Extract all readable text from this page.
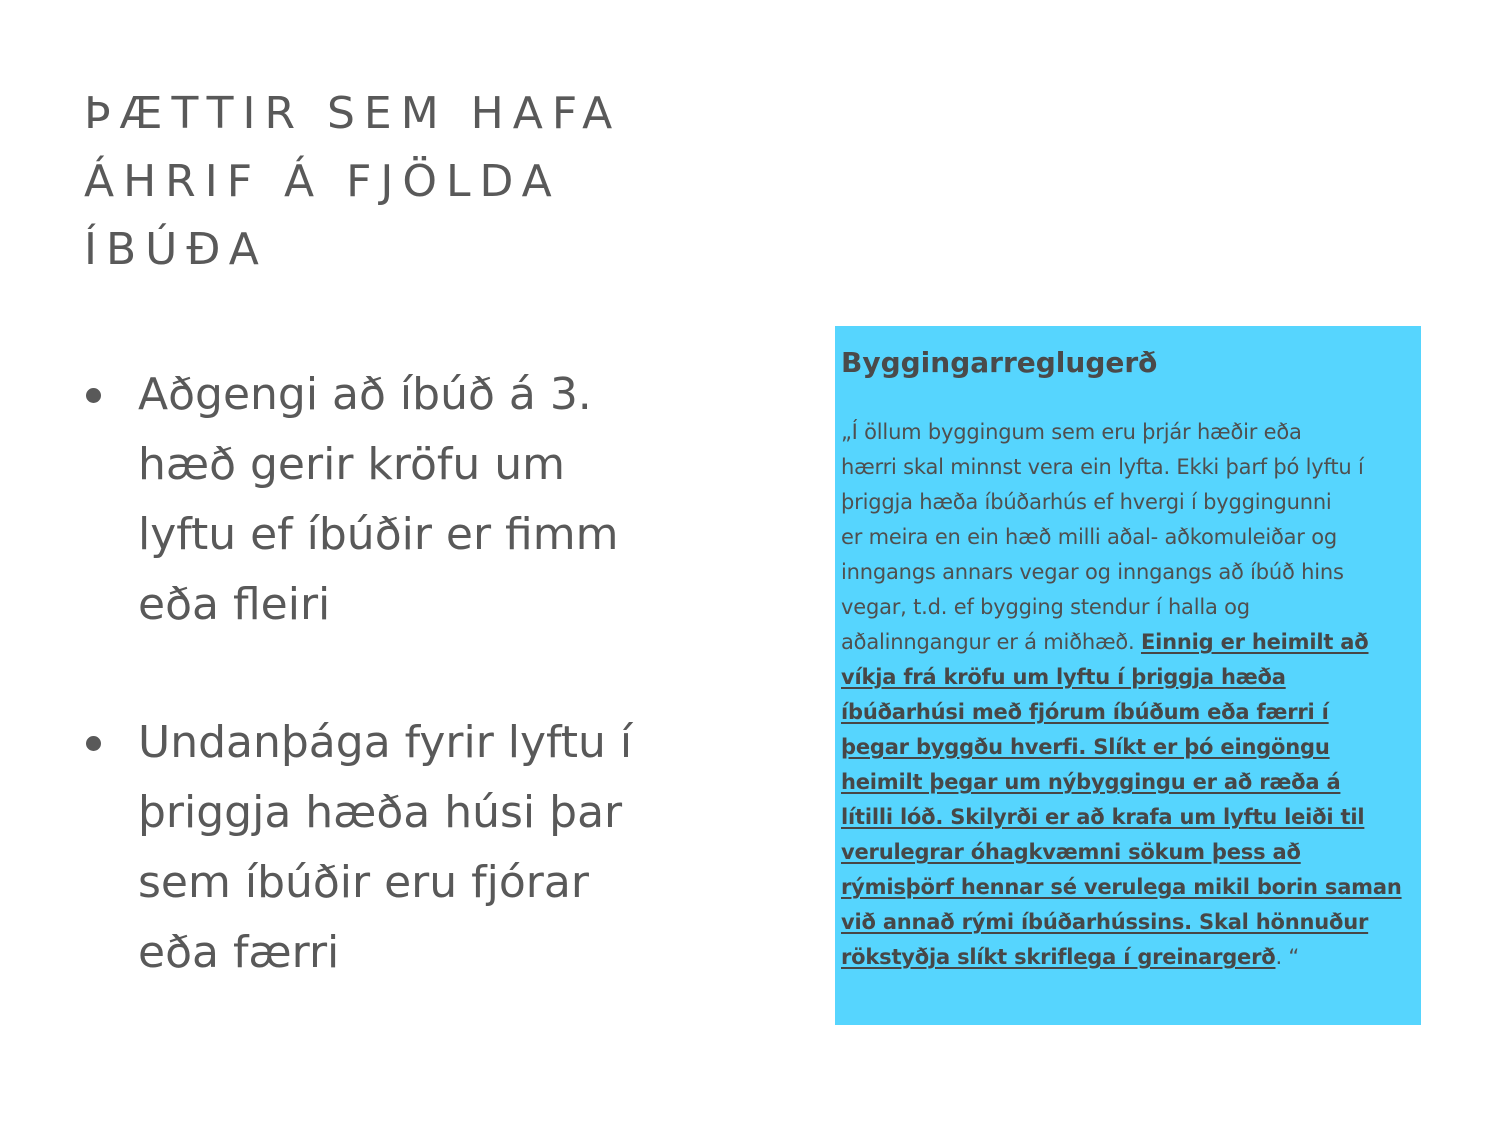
ÞÆTTIR SEM HAFA
ÁHRIF Á FJÖLDA
ÍBÚÐA
Aðgengi að íbúð á 3.
hæð gerir kröfu um
lyftu ef íbúðir er fimm
eða fleiri
Undanþága fyrir lyftu í
þriggja hæða húsi þar
sem íbúðir eru fjórar
eða færri
Byggingarreglugerð

„Í öllum byggingum sem eru þrjár hæðir eða
hærri skal minnst vera ein lyfta. Ekki þarf þó lyftu í
þriggja hæða íbúðarhús ef hvergi í byggingunni
er meira en ein hæð milli aðal- aðkomuleiðar og
inngangs annars vegar og inngangs að íbúð hins
vegar, t.d. ef bygging stendur í halla og
aðalinngangur er á miðhæð. Einnig er heimilt að
víkja frá kröfu um lyftu í þriggja hæða
íbúðarhúsi með fjórum íbúðum eða færri í
þegar byggðu hverfi. Slíkt er þó eingöngu
heimilt þegar um nýbyggingu er að ræða á
lítilli lóð. Skilyrði er að krafa um lyftu leiði til
verulegrar óhagkvæmni sökum þess að
rýmisþörf hennar sé verulega mikil borin saman
við annað rými íbúðarhússins. Skal hönnuður
rökstyðja slíkt skriflega í greinargerð. “
